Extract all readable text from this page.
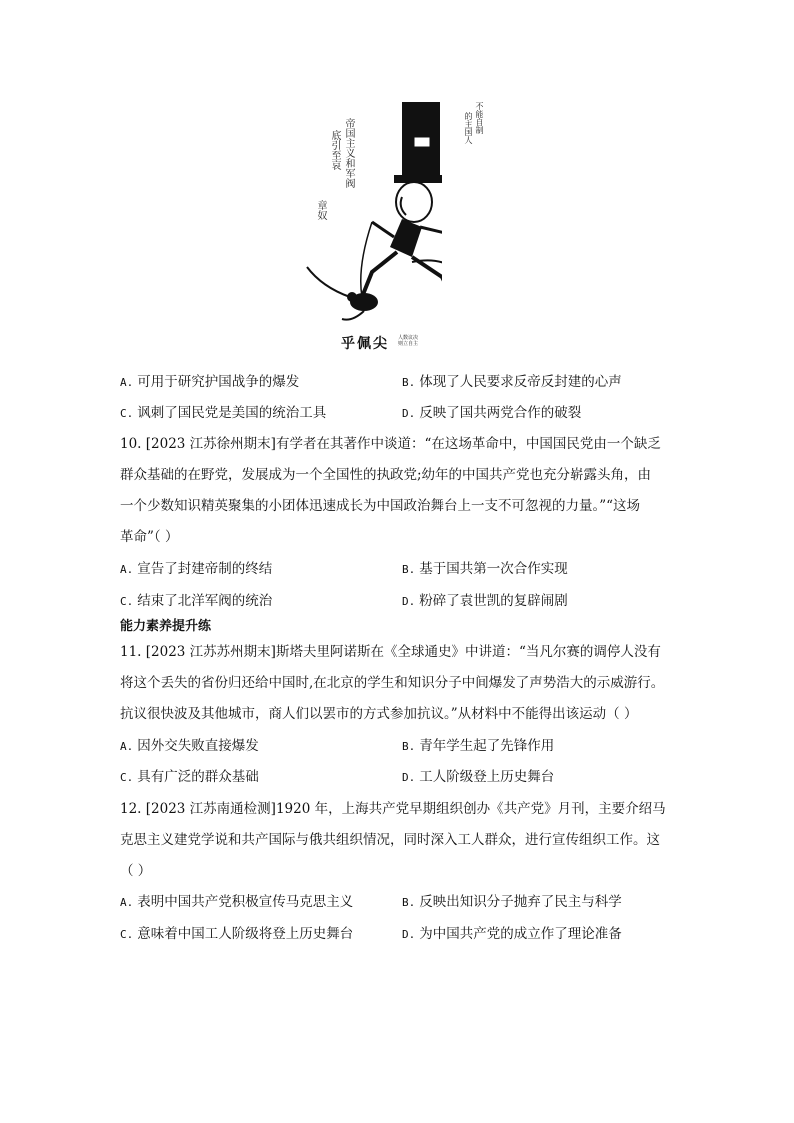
帝国主义和军阀
底引至哀
章奴
不能自制
的主国人
乎佩尖 人数议决
则立自主
A. 可用于研究护国战争的爆发	B. 体现了人民要求反帝反封建的心声
C. 讽刺了国民党是美国的统治工具	D. 反映了国共两党合作的破裂
10. [2023 江苏徐州期末]有学者在其著作中谈道：“在这场革命中，中国国民党由一个缺乏
群众基础的在野党，发展成为一个全国性的执政党;幼年的中国共产党也充分崭露头角，由
一个少数知识精英聚集的小团体迅速成长为中国政治舞台上一支不可忽视的力量。”“这场
革命”（ ）
A. 宣告了封建帝制的终结	B. 基于国共第一次合作实现
C. 结束了北洋军阀的统治	D. 粉碎了袁世凯的复辟闹剧
能力素养提升练
11. [2023 江苏苏州期末]斯塔夫里阿诺斯在《全球通史》中讲道：“当凡尔赛的调停人没有
将这个丢失的省份归还给中国时,在北京的学生和知识分子中间爆发了声势浩大的示威游行。
抗议很快波及其他城市，商人们以罢市的方式参加抗议。”从材料中不能得出该运动（ ）
A. 因外交失败直接爆发	B. 青年学生起了先锋作用
C. 具有广泛的群众基础	D. 工人阶级登上历史舞台
12. [2023 江苏南通检测]1920 年，上海共产党早期组织创办《共产党》月刊，主要介绍马
克思主义建党学说和共产国际与俄共组织情况，同时深入工人群众，进行宣传组织工作。这
（ ）
A. 表明中国共产党积极宣传马克思主义	B. 反映出知识分子抛弃了民主与科学
C. 意味着中国工人阶级将登上历史舞台	D. 为中国共产党的成立作了理论准备
